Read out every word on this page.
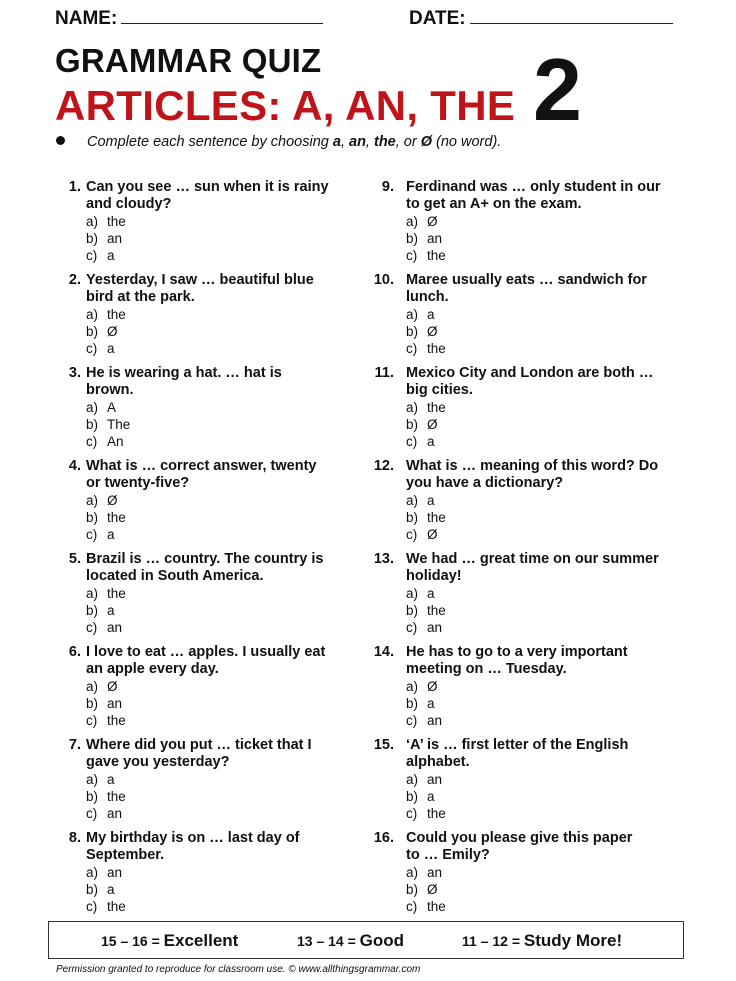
NAME:	DATE:
GRAMMAR QUIZ
ARTICLES: A, AN, THE 2
Complete each sentence by choosing a, an, the, or Ø (no word).
1. Can you see … sun when it is rainy
and cloudy?
a) the
b) an
c) a
2. Yesterday, I saw … beautiful blue
bird at the park.
a) the
b) Ø
c) a
3. He is wearing a hat. … hat is
brown.
a) A
b) The
c) An
4. What is … correct answer, twenty
or twenty-five?
a) Ø
b) the
c) a
5. Brazil is … country. The country is
located in South America.
a) the
b) a
c) an
6. I love to eat … apples. I usually eat
an apple every day.
a) Ø
b) an
c) the
7. Where did you put … ticket that I
gave you yesterday?
a) a
b) the
c) an
8. My birthday is on … last day of
September.
a) an
b) a
c) the
9. Ferdinand was … only student in our
to get an A+ on the exam.
a) Ø
b) an
c) the
10. Maree usually eats … sandwich for
lunch.
a) a
b) Ø
c) the
11. Mexico City and London are both …
big cities.
a) the
b) Ø
c) a
12. What is … meaning of this word? Do
you have a dictionary?
a) a
b) the
c) Ø
13. We had … great time on our summer
holiday!
a) a
b) the
c) an
14. He has to go to a very important
meeting on … Tuesday.
a) Ø
b) a
c) an
15. ‘A’ is … first letter of the English
alphabet.
a) an
b) a
c) the
16. Could you please give this paper
to … Emily?
a) an
b) Ø
c) the
15 – 16 = Excellent	13 – 14 = Good	11 – 12 = Study More!
Permission granted to reproduce for classroom use. © www.allthingsgrammar.com
